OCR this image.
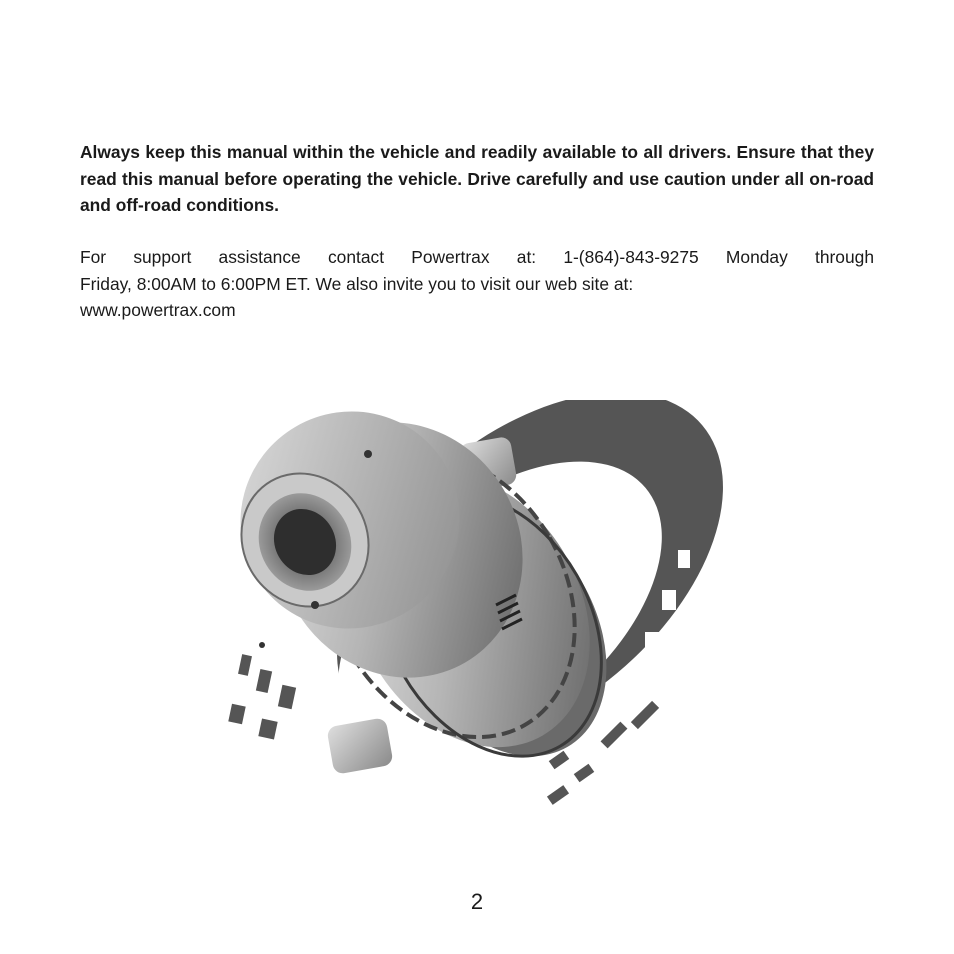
Always keep this manual within the vehicle and readily available to all drivers. Ensure that they read this manual before operating the vehicle. Drive carefully and use caution under all on-road and off-road conditions.

For support assistance contact Powertrax at: 1-(864)-843-9275 Monday through
Friday, 8:00AM to 6:00PM ET. We also invite you to visit our web site at:
www.powertrax.com

2
